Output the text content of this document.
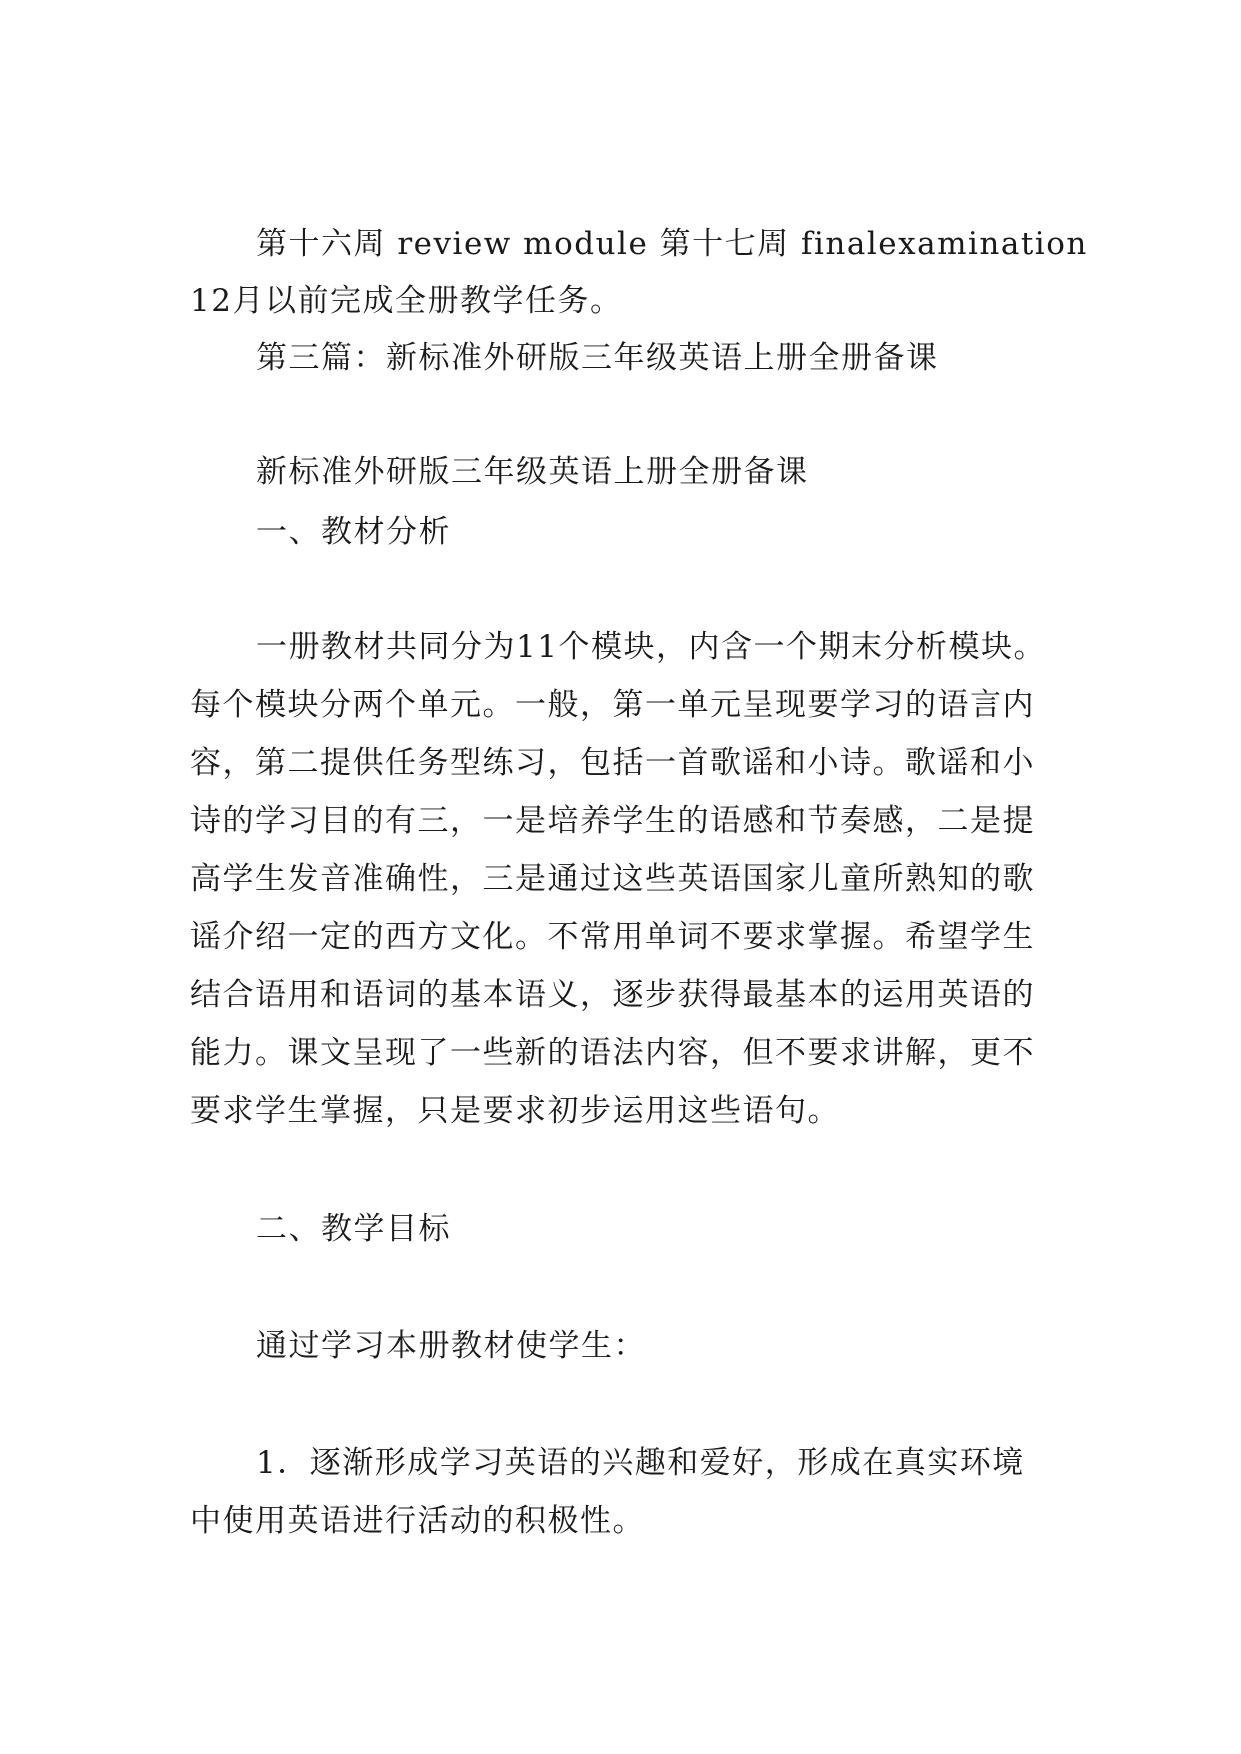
第十六周 review module 第十七周 finalexamination
12月以前完成全册教学任务。
第三篇：新标准外研版三年级英语上册全册备课
新标准外研版三年级英语上册全册备课
一、教材分析
一册教材共同分为11个模块，内含一个期末分析模块。
每个模块分两个单元。一般，第一单元呈现要学习的语言内
容，第二提供任务型练习，包括一首歌谣和小诗。歌谣和小
诗的学习目的有三，一是培养学生的语感和节奏感，二是提
高学生发音准确性，三是通过这些英语国家儿童所熟知的歌
谣介绍一定的西方文化。不常用单词不要求掌握。希望学生
结合语用和语词的基本语义，逐步获得最基本的运用英语的
能力。课文呈现了一些新的语法内容，但不要求讲解，更不
要求学生掌握，只是要求初步运用这些语句。
二、教学目标
通过学习本册教材使学生：
1．逐渐形成学习英语的兴趣和爱好，形成在真实环境
中使用英语进行活动的积极性。
